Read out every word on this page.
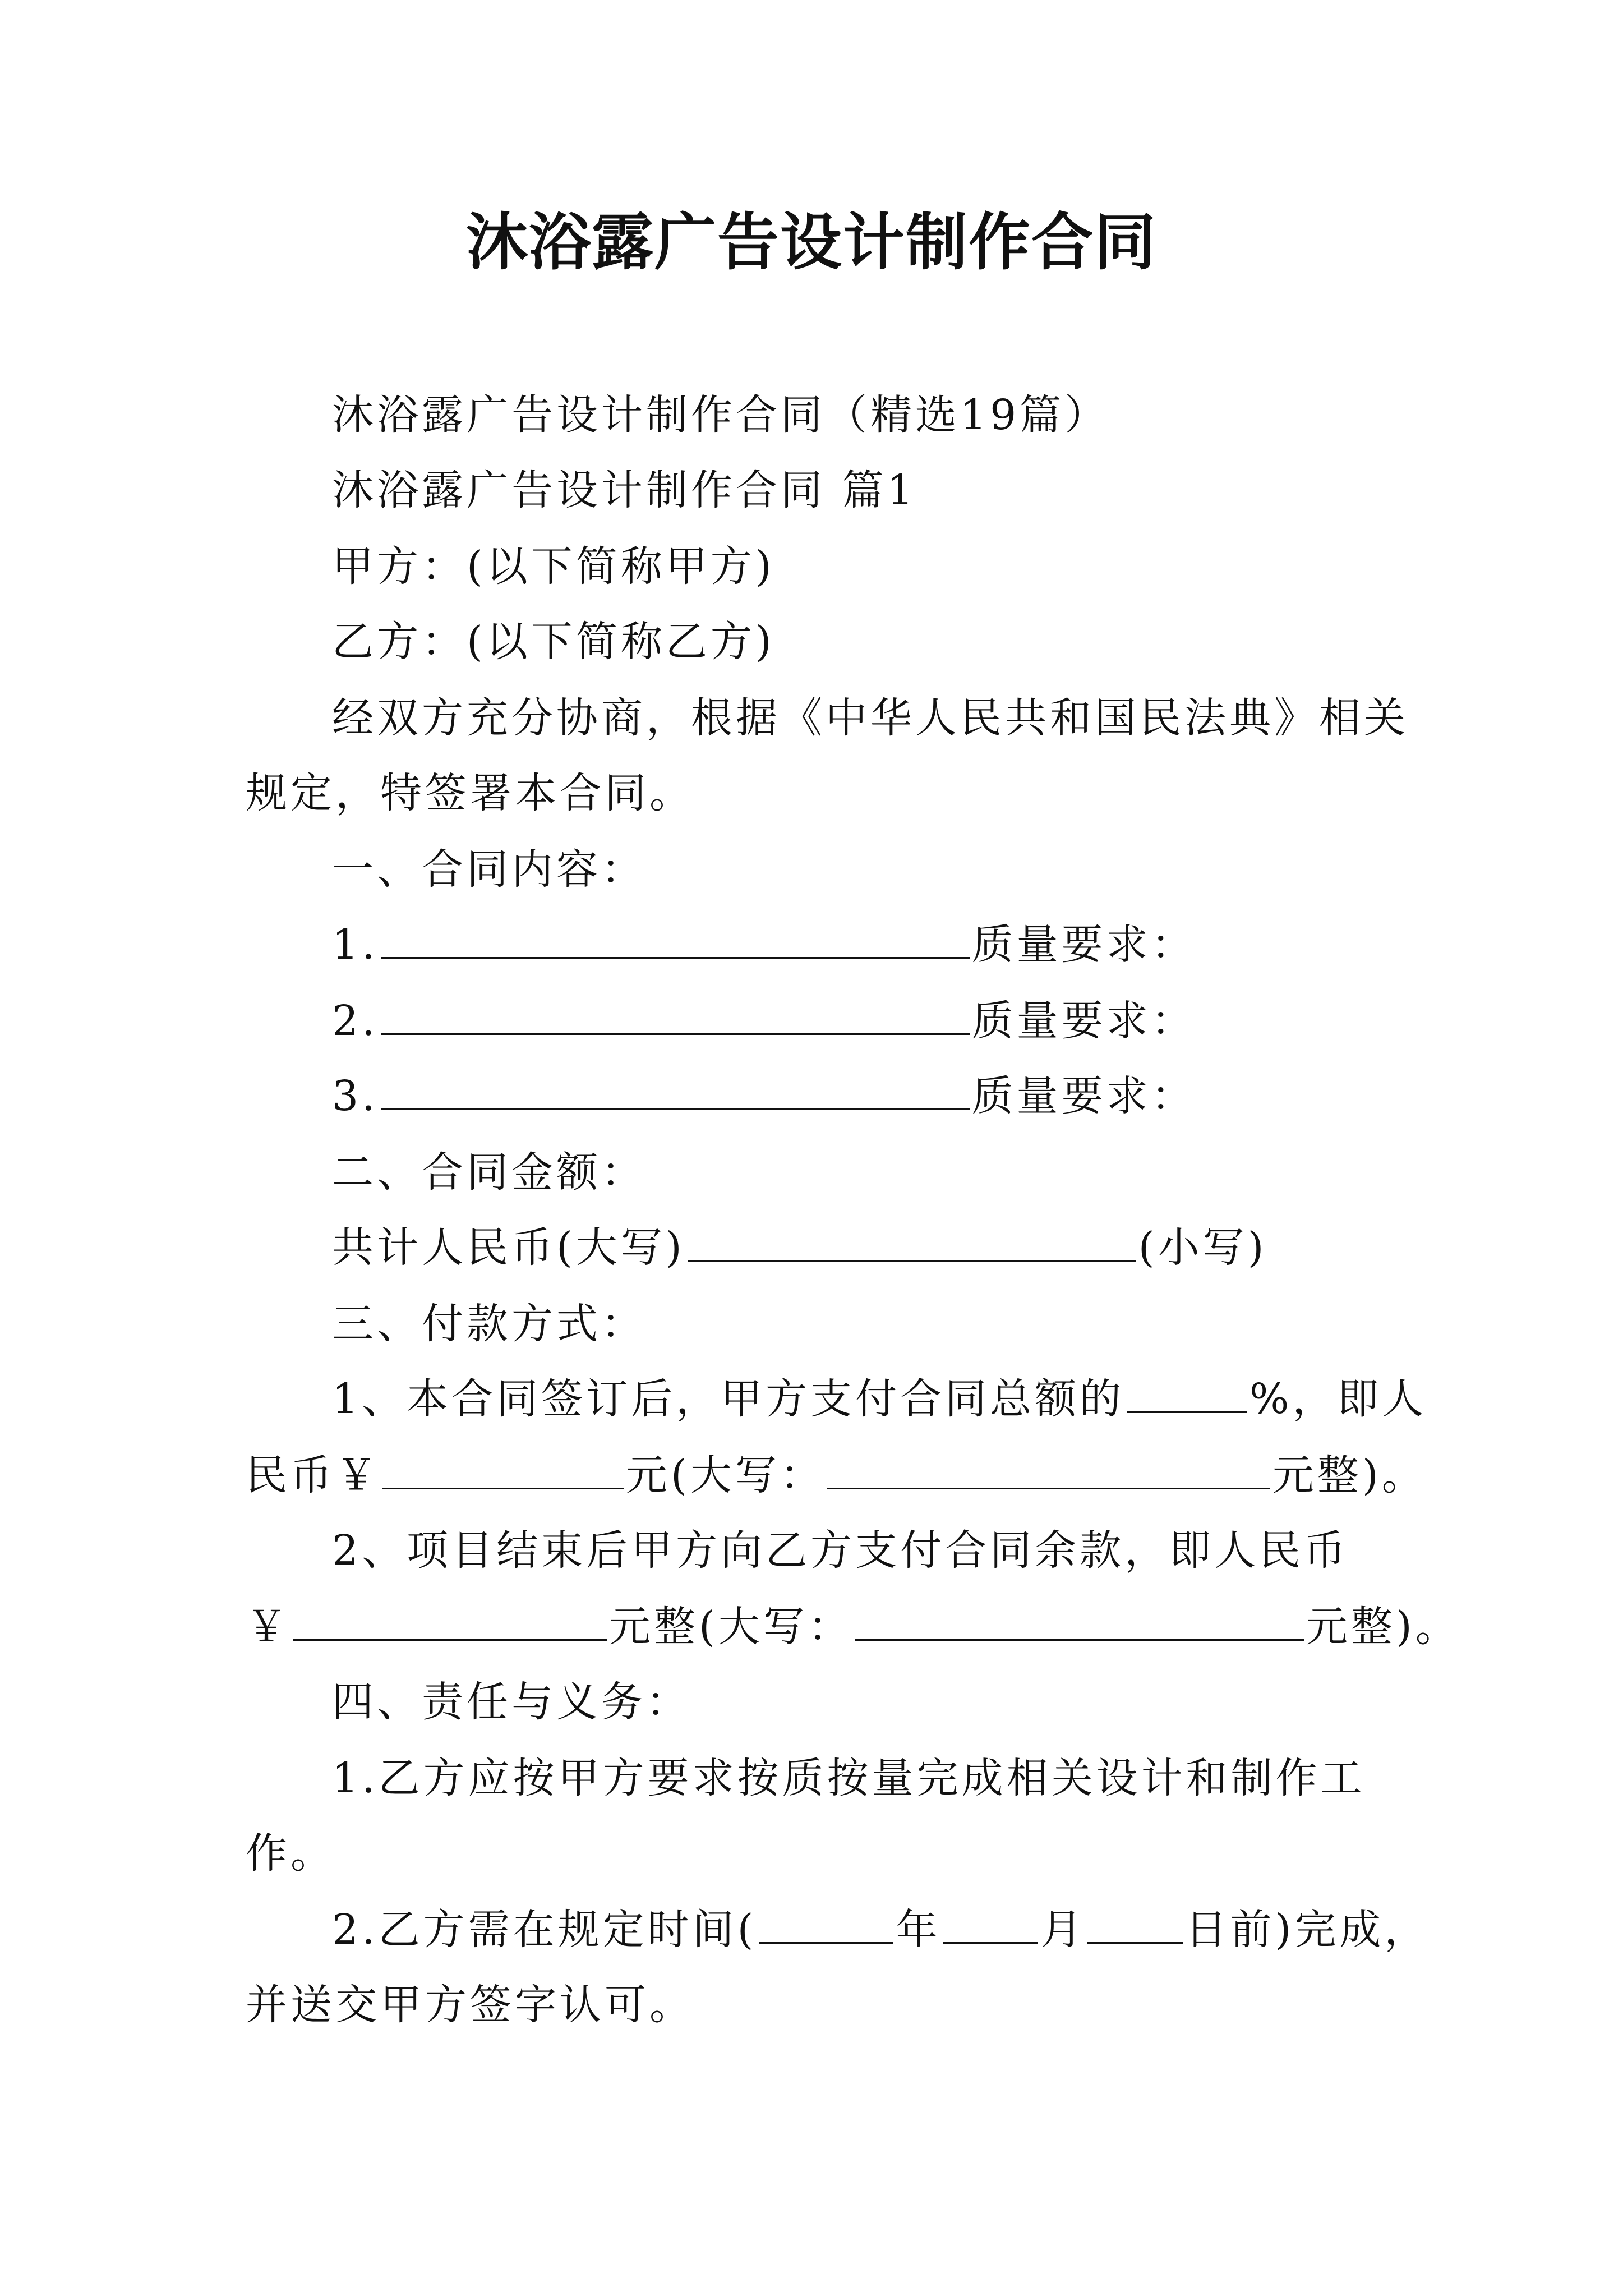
沐浴露广告设计制作合同
沐浴露广告设计制作合同（精选19篇）
沐浴露广告设计制作合同 篇1
甲方：(以下简称甲方)
乙方：(以下简称乙方)
经双方充分协商，根据《中华人民共和国民法典》相关
规定，特签署本合同。
一、合同内容：
1.	质量要求：
2.	质量要求：
3.	质量要求：
二、合同金额：
共计人民币(大写)	(小写)
三、付款方式：
1、本合同签订后，甲方支付合同总额的	%，即人
民币￥	元(大写：	元整)。
2、项目结束后甲方向乙方支付合同余款，即人民币
￥	元整(大写：	元整)。
四、责任与义务：
1.乙方应按甲方要求按质按量完成相关设计和制作工
作。
2.乙方需在规定时间(	年 月 日前)完成，
并送交甲方签字认可。
